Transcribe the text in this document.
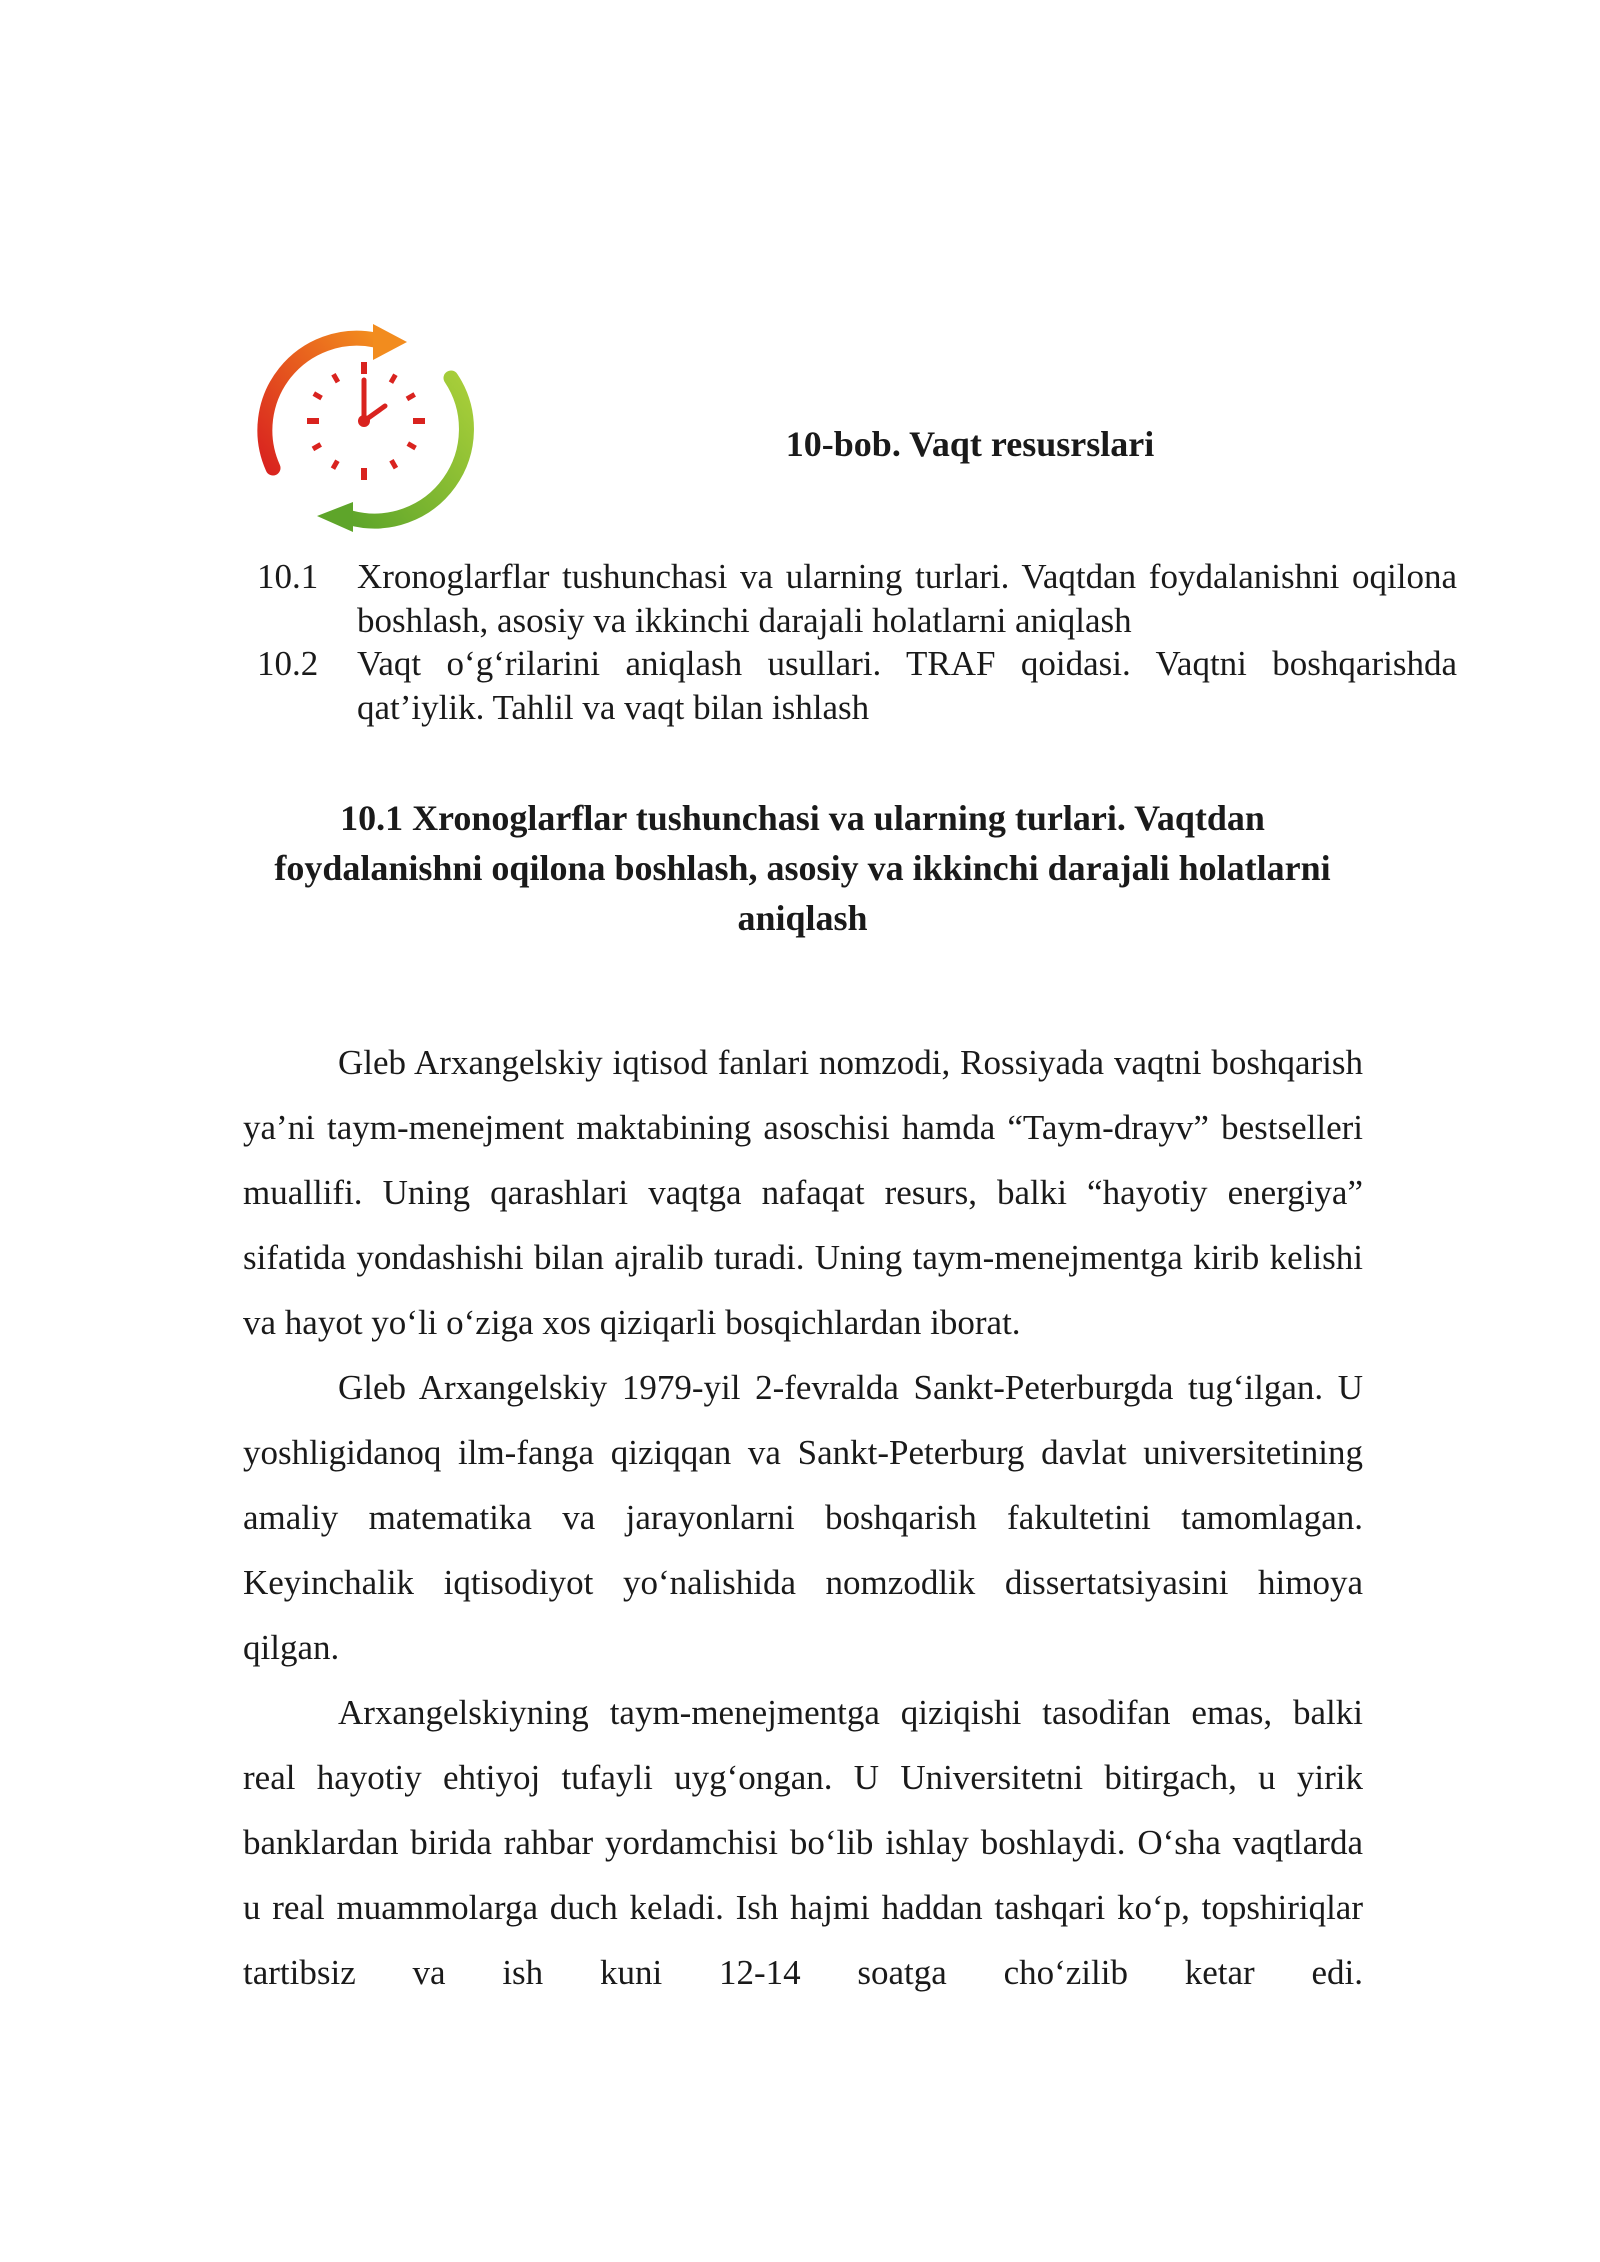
10-bob. Vaqt resusrslari
10.1	Xronoglarflar tushunchasi va ularning turlari. Vaqtdan foydalanishni oqilona boshlash, asosiy va ikkinchi darajali holatlarni aniqlash
10.2	Vaqt o‘g‘rilarini aniqlash usullari. TRAF qoidasi. Vaqtni boshqarishda qat’iylik. Tahlil va vaqt bilan ishlash
10.1 Xronoglarflar tushunchasi va ularning turlari. Vaqtdan foydalanishni oqilona boshlash, asosiy va ikkinchi darajali holatlarni aniqlash

Gleb Arxangelskiy iqtisod fanlari nomzodi, Rossiyada vaqtni boshqarish ya’ni taym-menejment maktabining asoschisi hamda “Taym-drayv” bestselleri muallifi. Uning qarashlari vaqtga nafaqat resurs, balki “hayotiy energiya” sifatida yondashishi bilan ajralib turadi. Uning taym-menejmentga kirib kelishi va hayot yo‘li o‘ziga xos qiziqarli bosqichlardan iborat.

Gleb Arxangelskiy 1979-yil 2-fevralda Sankt-Peterburgda tug‘ilgan. U yoshligidanoq ilm-fanga qiziqqan va Sankt-Peterburg davlat universitetining amaliy matematika va jarayonlarni boshqarish fakultetini tamomlagan. Keyinchalik iqtisodiyot yo‘nalishida nomzodlik dissertatsiyasini himoya qilgan.

Arxangelskiyning taym-menejmentga qiziqishi tasodifan emas, balki real hayotiy ehtiyoj tufayli uyg‘ongan. U Universitetni bitirgach, u yirik banklardan birida rahbar yordamchisi bo‘lib ishlay boshlaydi. O‘sha vaqtlarda u real muammolarga duch keladi. Ish hajmi haddan tashqari ko‘p, topshiriqlar tartibsiz va ish kuni 12-14 soatga cho‘zilib ketar edi.
